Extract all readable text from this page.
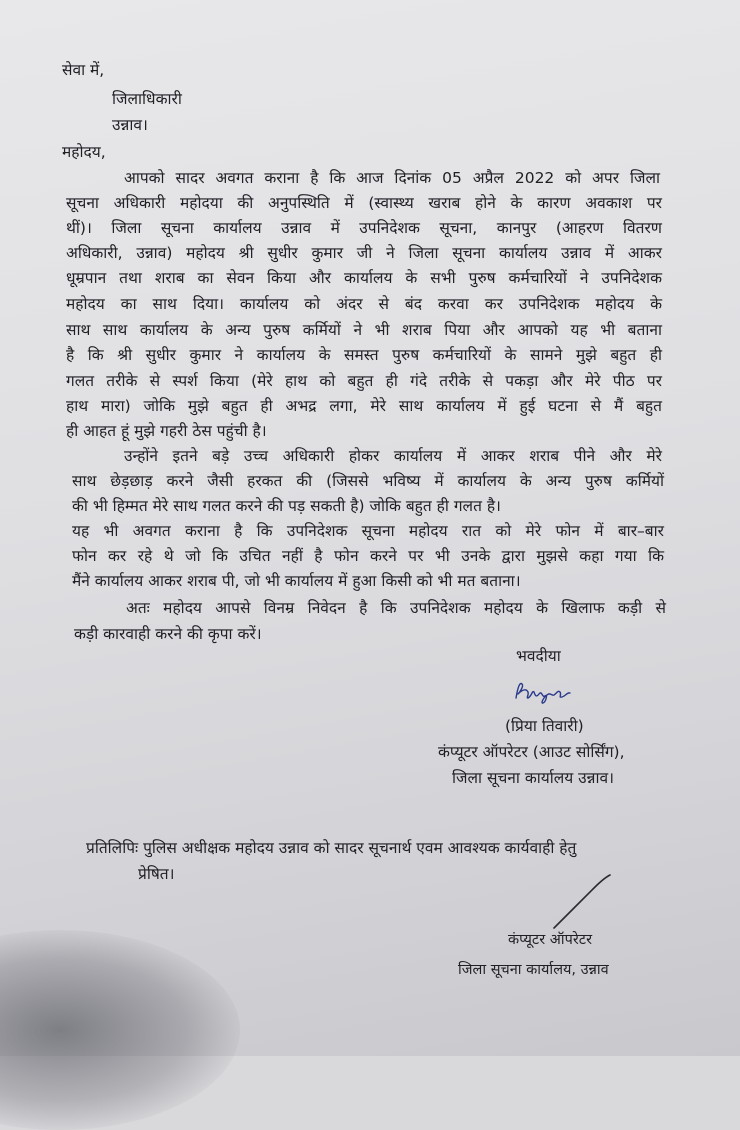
सेवा में,
जिलाधिकारी
उन्नाव।
महोदय,
आपको सादर अवगत कराना है कि आज दिनांक 05 अप्रैल 2022 को अपर जिला
सूचना अधिकारी महोदया की अनुपस्थिति में (स्वास्थ्य खराब होने के कारण अवकाश पर
थीं)। जिला सूचना कार्यालय उन्नाव में उपनिदेशक सूचना, कानपुर (आहरण वितरण
अधिकारी, उन्नाव) महोदय श्री सुधीर कुमार जी ने जिला सूचना कार्यालय उन्नाव में आकर
धूम्रपान तथा शराब का सेवन किया और कार्यालय के सभी पुरुष कर्मचारियों ने उपनिदेशक
महोदय का साथ दिया। कार्यालय को अंदर से बंद करवा कर उपनिदेशक महोदय के
साथ साथ कार्यालय के अन्य पुरुष कर्मियों ने भी शराब पिया और आपको यह भी बताना
है कि श्री सुधीर कुमार ने कार्यालय के समस्त पुरुष कर्मचारियों के सामने मुझे बहुत ही
गलत तरीके से स्पर्श किया (मेरे हाथ को बहुत ही गंदे तरीके से पकड़ा और मेरे पीठ पर
हाथ मारा) जोकि मुझे बहुत ही अभद्र लगा, मेरे साथ कार्यालय में हुई घटना से मैं बहुत
ही आहत हूं मुझे गहरी ठेस पहुंची है।
उन्होंने इतने बड़े उच्च अधिकारी होकर कार्यालय में आकर शराब पीने और मेरे
साथ छेड़छाड़ करने जैसी हरकत की (जिससे भविष्य में कार्यालय के अन्य पुरुष कर्मियों
की भी हिम्मत मेरे साथ गलत करने की पड़ सकती है) जोकि बहुत ही गलत है।
यह भी अवगत कराना है कि उपनिदेशक सूचना महोदय रात को मेरे फोन में बार–बार
फोन कर रहे थे जो कि उचित नहीं है फोन करने पर भी उनके द्वारा मुझसे कहा गया कि
मैंने कार्यालय आकर शराब पी, जो भी कार्यालय में हुआ किसी को भी मत बताना।
अतः महोदय आपसे विनम्र निवेदन है कि उपनिदेशक महोदय के खिलाफ कड़ी से
कड़ी कारवाही करने की कृपा करें।
भवदीया
(प्रिया तिवारी)
कंप्यूटर ऑपरेटर (आउट सोर्सिंग),
जिला सूचना कार्यालय उन्नाव।
प्रतिलिपिः पुलिस अधीक्षक महोदय उन्नाव को सादर सूचनार्थ एवम आवश्यक कार्यवाही हेतु
प्रेषित।
कंप्यूटर ऑपरेटर
जिला सूचना कार्यालय, उन्नाव
